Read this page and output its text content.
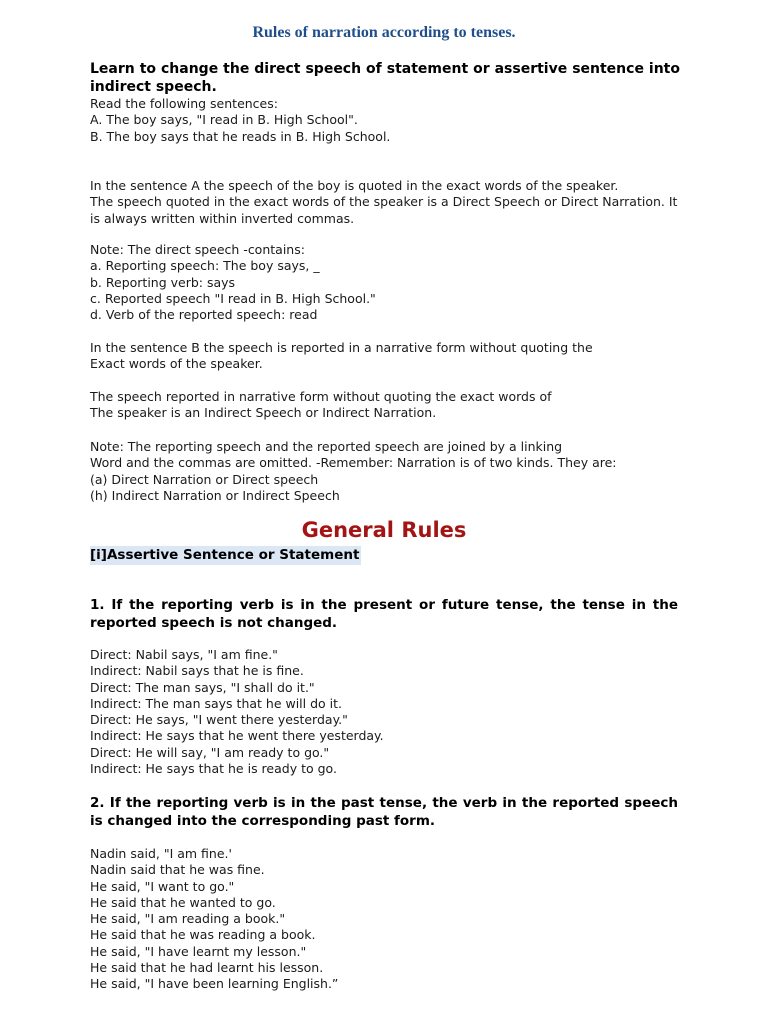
Rules of narration according to tenses.
Learn to change the direct speech of statement or assertive sentence into indirect speech.
Read the following sentences:
A. The boy says, "I read in B. High School".
B. The boy says that he reads in B. High School.
In the sentence A the speech of the boy is quoted in the exact words of the speaker.
The speech quoted in the exact words of the speaker is a Direct Speech or Direct Narration. It
is always written within inverted commas.
Note: The direct speech -contains:
a. Reporting speech: The boy says, _
b. Reporting verb: says
c. Reported speech "I read in B. High School."
d. Verb of the reported speech: read
In the sentence B the speech is reported in a narrative form without quoting the
Exact words of the speaker.
The speech reported in narrative form without quoting the exact words of
The speaker is an Indirect Speech or Indirect Narration.
Note: The reporting speech and the reported speech are joined by a linking
Word and the commas are omitted. -Remember: Narration is of two kinds. They are:
(a) Direct Narration or Direct speech
(h) Indirect Narration or Indirect Speech
General Rules
[i]Assertive Sentence or Statement
1. If the reporting verb is in the present or future tense, the tense in the reported speech is not changed.
Direct: Nabil says, "I am fine."
Indirect: Nabil says that he is fine.
Direct: The man says, "I shall do it."
Indirect: The man says that he will do it.
Direct: He says, "I went there yesterday."
Indirect: He says that he went there yesterday.
Direct: He will say, "I am ready to go."
Indirect: He says that he is ready to go.
2. If the reporting verb is in the past tense, the verb in the reported speech is changed into the corresponding past form.
Nadin said, "I am fine.'
Nadin said that he was fine.
He said, "I want to go."
He said that he wanted to go.
He said, "I am reading a book."
He said that he was reading a book.
He said, "I have learnt my lesson."
He said that he had learnt his lesson.
He said, "I have been learning English.”
